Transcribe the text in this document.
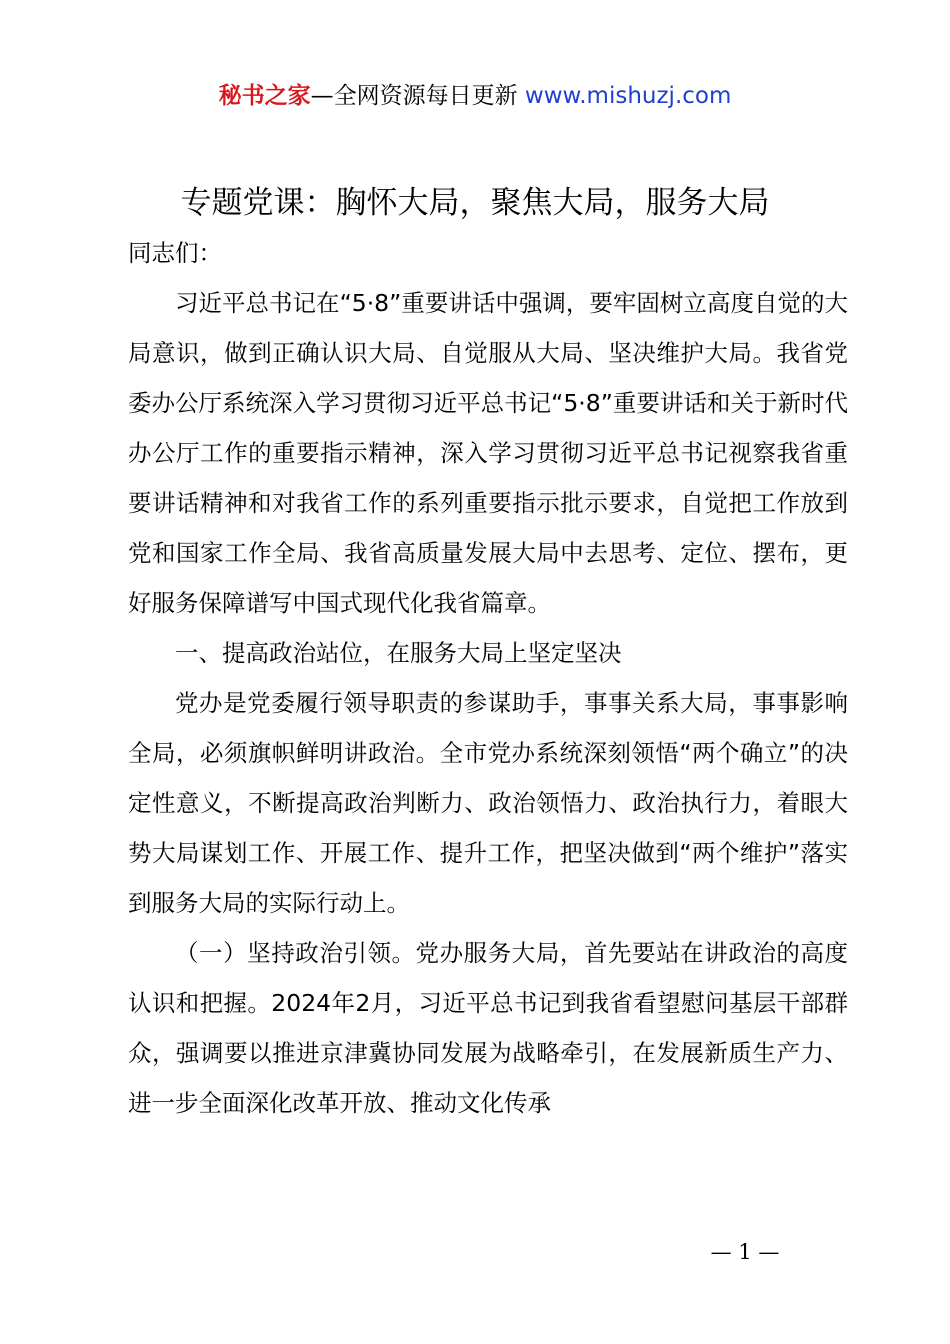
秘书之家—全网资源每日更新 www.mishuzj.com
专题党课：胸怀大局，聚焦大局，服务大局

同志们：

习近平总书记在“5·8”重要讲话中强调，要牢固树立高度自觉的大局意识，做到正确认识大局、自觉服从大局、坚决维护大局。我省党委办公厅系统深入学习贯彻习近平总书记“5·8”重要讲话和关于新时代办公厅工作的重要指示精神，深入学习贯彻习近平总书记视察我省重要讲话精神和对我省工作的系列重要指示批示要求，自觉把工作放到党和国家工作全局、我省高质量发展大局中去思考、定位、摆布，更好服务保障谱写中国式现代化我省篇章。

一、提高政治站位，在服务大局上坚定坚决

党办是党委履行领导职责的参谋助手，事事关系大局，事事影响全局，必须旗帜鲜明讲政治。全市党办系统深刻领悟“两个确立”的决定性意义，不断提高政治判断力、政治领悟力、政治执行力，着眼大势大局谋划工作、开展工作、提升工作，把坚决做到“两个维护”落实到服务大局的实际行动上。

（一）坚持政治引领。党办服务大局，首先要站在讲政治的高度认识和把握。2024年2月，习近平总书记到我省看望慰问基层干部群众，强调要以推进京津冀协同发展为战略牵引，在发展新质生产力、进一步全面深化改革开放、推动文化传承

— 1 —
